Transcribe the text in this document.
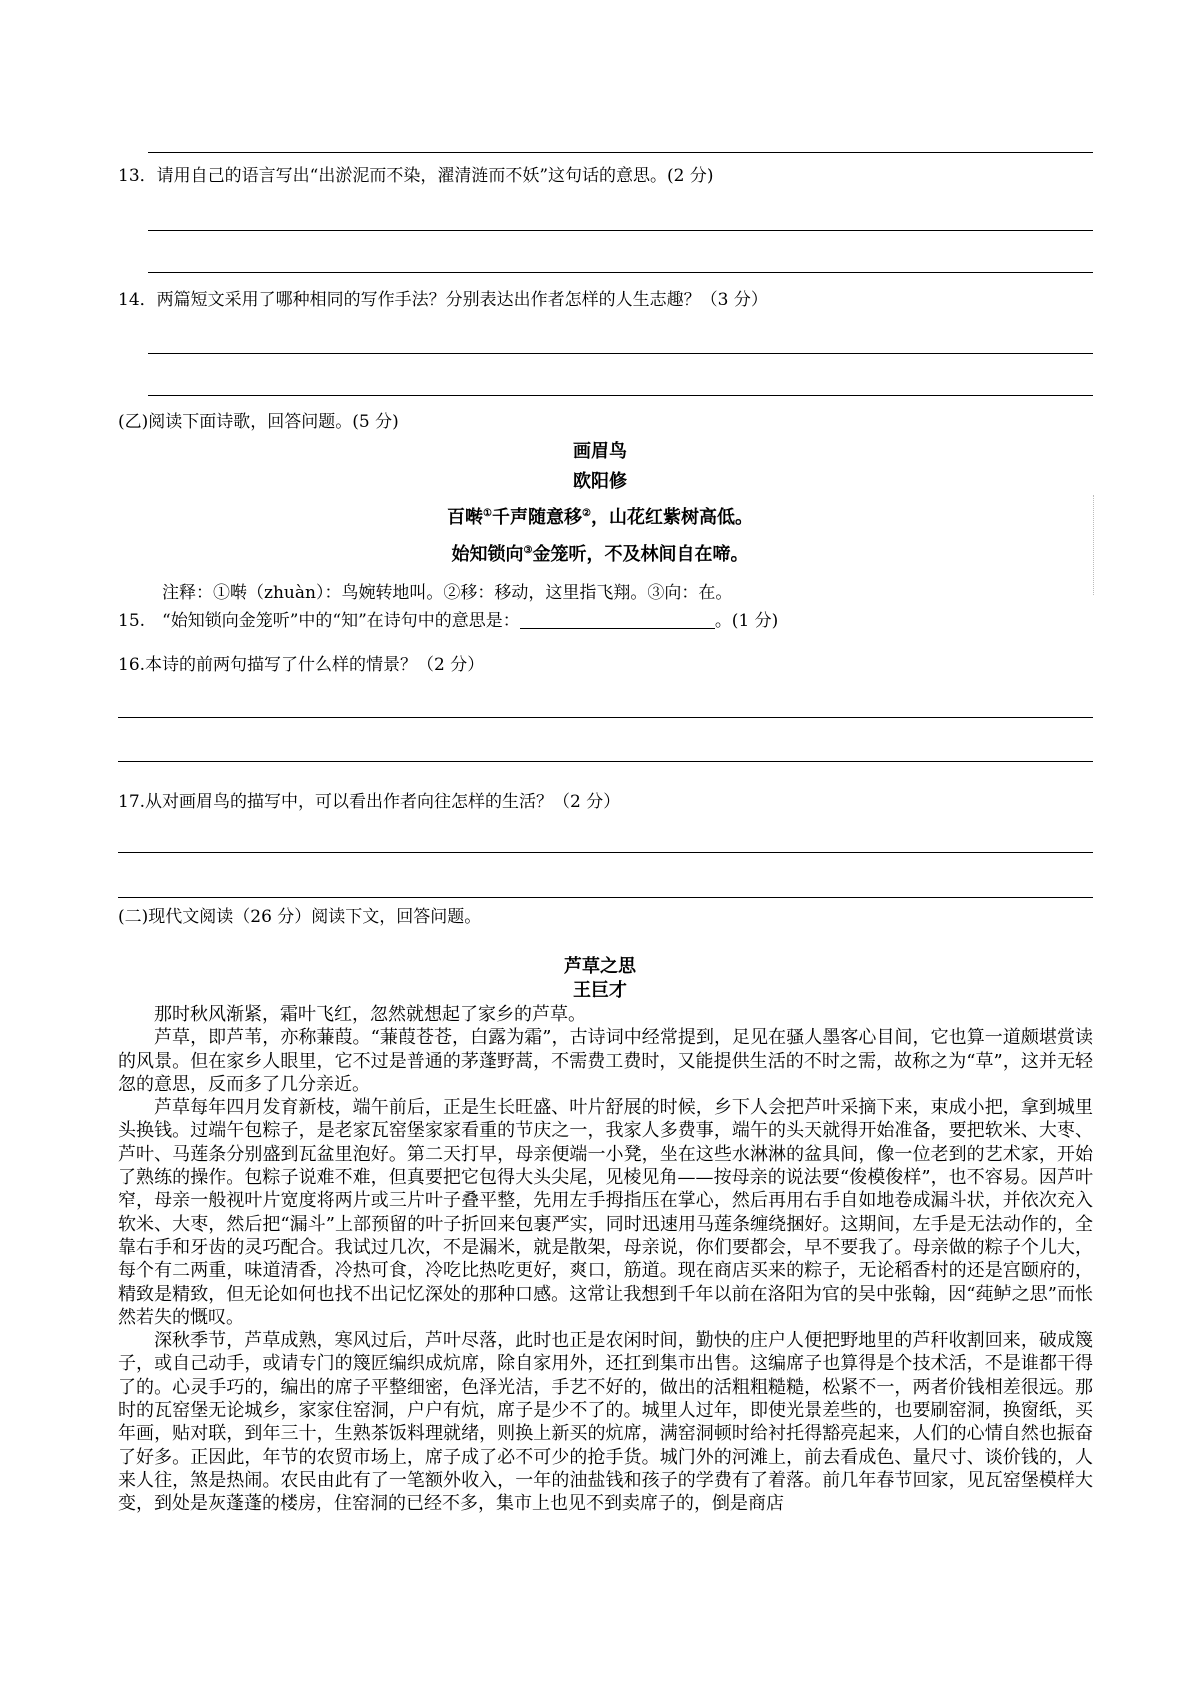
13．请用自己的语言写出“出淤泥而不染，濯清涟而不妖”这句话的意思。(2 分)
14．两篇短文采用了哪种相同的写作手法？分别表达出作者怎样的人生志趣？（3 分）
(乙)阅读下面诗歌，回答问题。(5 分)
画眉鸟
欧阳修
百啭①千声随意移②，山花红紫树高低。
始知锁向③金笼听，不及林间自在啼。
注释：①啭（zhuàn）：鸟婉转地叫。②移：移动，这里指飞翔。③向：在。
15.　“始知锁向金笼听”中的“知”在诗句中的意思是：	。(1 分)
16.本诗的前两句描写了什么样的情景？（2 分）
17.从对画眉鸟的描写中，可以看出作者向往怎样的生活？（2 分）
(二)现代文阅读（26 分）阅读下文，回答问题。
芦草之思
王巨才

那时秋风渐紧，霜叶飞红，忽然就想起了家乡的芦草。

芦草，即芦苇，亦称蒹葭。“蒹葭苍苍，白露为霜”，古诗词中经常提到，足见在骚人墨客心目间，它也算一道颇堪赏读的风景。但在家乡人眼里，它不过是普通的茅蓬野蒿，不需费工费时，又能提供生活的不时之需，故称之为“草”，这并无轻忽的意思，反而多了几分亲近。

芦草每年四月发育新枝，端午前后，正是生长旺盛、叶片舒展的时候，乡下人会把芦叶采摘下来，束成小把，拿到城里头换钱。过端午包粽子，是老家瓦窑堡家家看重的节庆之一，我家人多费事，端午的头天就得开始准备，要把软米、大枣、芦叶、马莲条分别盛到瓦盆里泡好。第二天打早，母亲便端一小凳，坐在这些水淋淋的盆具间，像一位老到的艺术家，开始了熟练的操作。包粽子说难不难，但真要把它包得大头尖尾，见棱见角——按母亲的说法要“俊模俊样”，也不容易。因芦叶窄，母亲一般视叶片宽度将两片或三片叶子叠平整，先用左手拇指压在掌心，然后再用右手自如地卷成漏斗状，并依次充入软米、大枣，然后把“漏斗”上部预留的叶子折回来包裹严实，同时迅速用马莲条缠绕捆好。这期间，左手是无法动作的，全靠右手和牙齿的灵巧配合。我试过几次，不是漏米，就是散架，母亲说，你们要都会，早不要我了。母亲做的粽子个儿大，每个有二两重，味道清香，冷热可食，冷吃比热吃更好，爽口，筋道。现在商店买来的粽子，无论稻香村的还是宫颐府的，精致是精致，但无论如何也找不出记忆深处的那种口感。这常让我想到千年以前在洛阳为官的吴中张翰，因“莼鲈之思”而怅然若失的慨叹。

深秋季节，芦草成熟，寒风过后，芦叶尽落，此时也正是农闲时间，勤快的庄户人便把野地里的芦秆收割回来，破成篾子，或自己动手，或请专门的篾匠编织成炕席，除自家用外，还扛到集市出售。这编席子也算得是个技术活，不是谁都干得了的。心灵手巧的，编出的席子平整细密，色泽光洁，手艺不好的，做出的活粗粗糙糙，松紧不一，两者价钱相差很远。那时的瓦窑堡无论城乡，家家住窑洞，户户有炕，席子是少不了的。城里人过年，即使光景差些的，也要刷窑洞，换窗纸，买年画，贴对联，到年三十，生熟茶饭料理就绪，则换上新买的炕席，满窑洞顿时给衬托得豁亮起来，人们的心情自然也振奋了好多。正因此，年节的农贸市场上，席子成了必不可少的抢手货。城门外的河滩上，前去看成色、量尺寸、谈价钱的，人来人往，煞是热闹。农民由此有了一笔额外收入，一年的油盐钱和孩子的学费有了着落。前几年春节回家，见瓦窑堡模样大变，到处是灰蓬蓬的楼房，住窑洞的已经不多，集市上也见不到卖席子的，倒是商店
